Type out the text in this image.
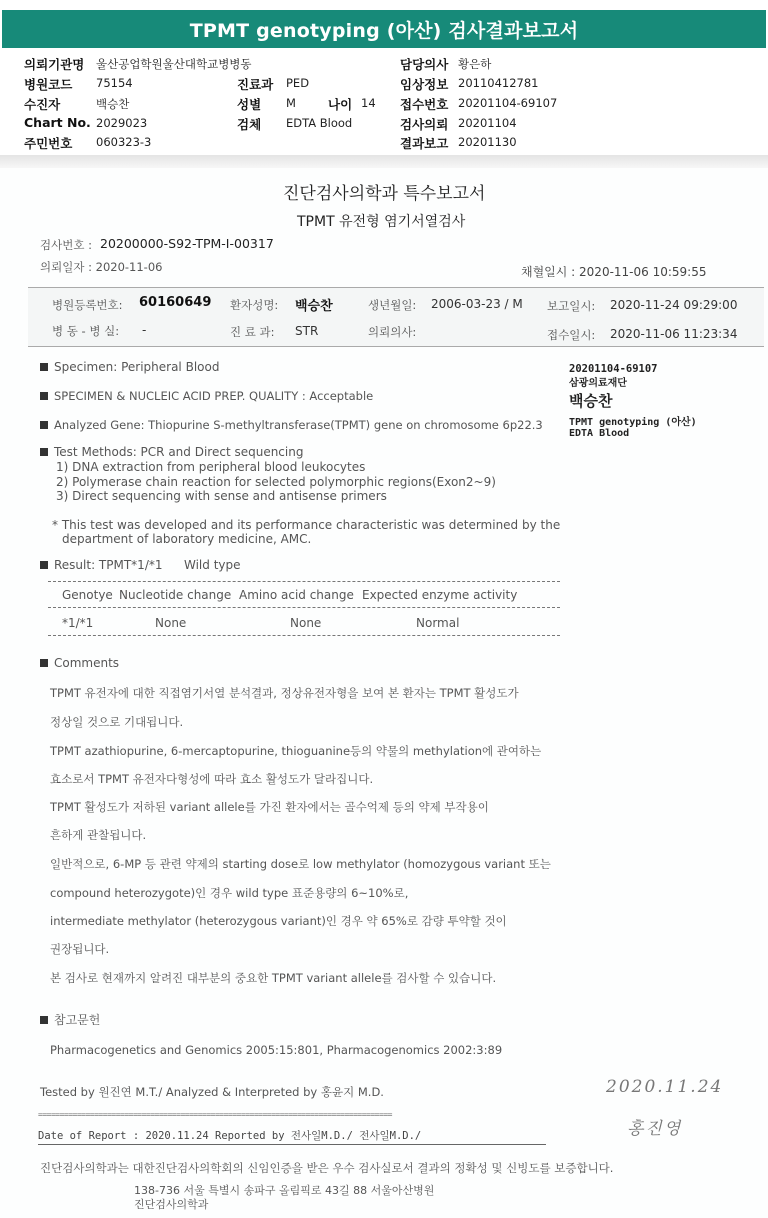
TPMT genotyping (아산) 검사결과보고서
의뢰기관명 울산공업학원울산대학교병병동	담당의사 황은하
병원코드 75154	진료과 PED	임상정보 20110412781
수진자	백승찬	성별 M	나이 14 접수번호 20201104-69107
Chart No. 2029023	검체 EDTA Blood	검사의뢰 20201104
주민번호 060323-3	결과보고 20201130
진단검사의학과 특수보고서
TPMT 유전형 염기서열검사
검사번호 : 20200000-S92-TPM-I-00317
의뢰일자 : 2020-11-06	채혈일시 : 2020-11-06 10:59:55
병원등록번호: 60160649 환자성명: 백승찬	생년월일: 2006-03-23 / M 보고일시: 2020-11-24 09:29:00
병 동 - 병 실: -	진 료 과: STR	의뢰의사:	접수일시: 2020-11-06 11:23:34
Specimen: Peripheral Blood
SPECIMEN & NUCLEIC ACID PREP. QUALITY : Acceptable
Analyzed Gene: Thiopurine S-methyltransferase(TPMT) gene on chromosome 6p22.3
Test Methods: PCR and Direct sequencing
1) DNA extraction from peripheral blood leukocytes
2) Polymerase chain reaction for selected polymorphic regions(Exon2~9)
3) Direct sequencing with sense and antisense primers
* This test was developed and its performance characteristic was determined by the
department of laboratory medicine, AMC.
Result: TPMT*1/*1 Wild type
Genotye Nucleotide change Amino acid change Expected enzyme activity
*1/*1	None	None	Normal
Comments
TPMT 유전자에 대한 직접염기서열 분석결과, 정상유전자형을 보여 본 환자는 TPMT 활성도가
정상일 것으로 기대됩니다.
TPMT azathiopurine, 6-mercaptopurine, thioguanine등의 약물의 methylation에 관여하는
효소로서 TPMT 유전자다형성에 따라 효소 활성도가 달라집니다.
TPMT 활성도가 저하된 variant allele를 가진 환자에서는 골수억제 등의 약제 부작용이
흔하게 관찰됩니다.
일반적으로, 6-MP 등 관련 약제의 starting dose로 low methylator (homozygous variant 또는
compound heterozygote)인 경우 wild type 표준용량의 6~10%로,
intermediate methylator (heterozygous variant)인 경우 약 65%로 감량 투약할 것이
권장됩니다.
본 검사로 현재까지 알려진 대부분의 중요한 TPMT variant allele를 검사할 수 있습니다.
참고문헌
Pharmacogenetics and Genomics 2005:15:801, Pharmacogenomics 2002:3:89
Tested by 원진연 M.T./ Analyzed & Interpreted by 홍윤지 M.D.	2020.11.24
==================================================================================
Date of Report : 2020.11.24 Reported by 전사일M.D./ 전사일M.D./	홍진영
진단검사의학과는 대한진단검사의학회의 신임인증을 받은 우수 검사실로서 결과의 정확성 및 신빙도를 보증합니다.
138-736 서울 특별시 송파구 올림픽로 43길 88 서울아산병원
진단검사의학과
20201104-69107
삼광의료재단
백승찬
TPMT genotyping (아산)
EDTA Blood
